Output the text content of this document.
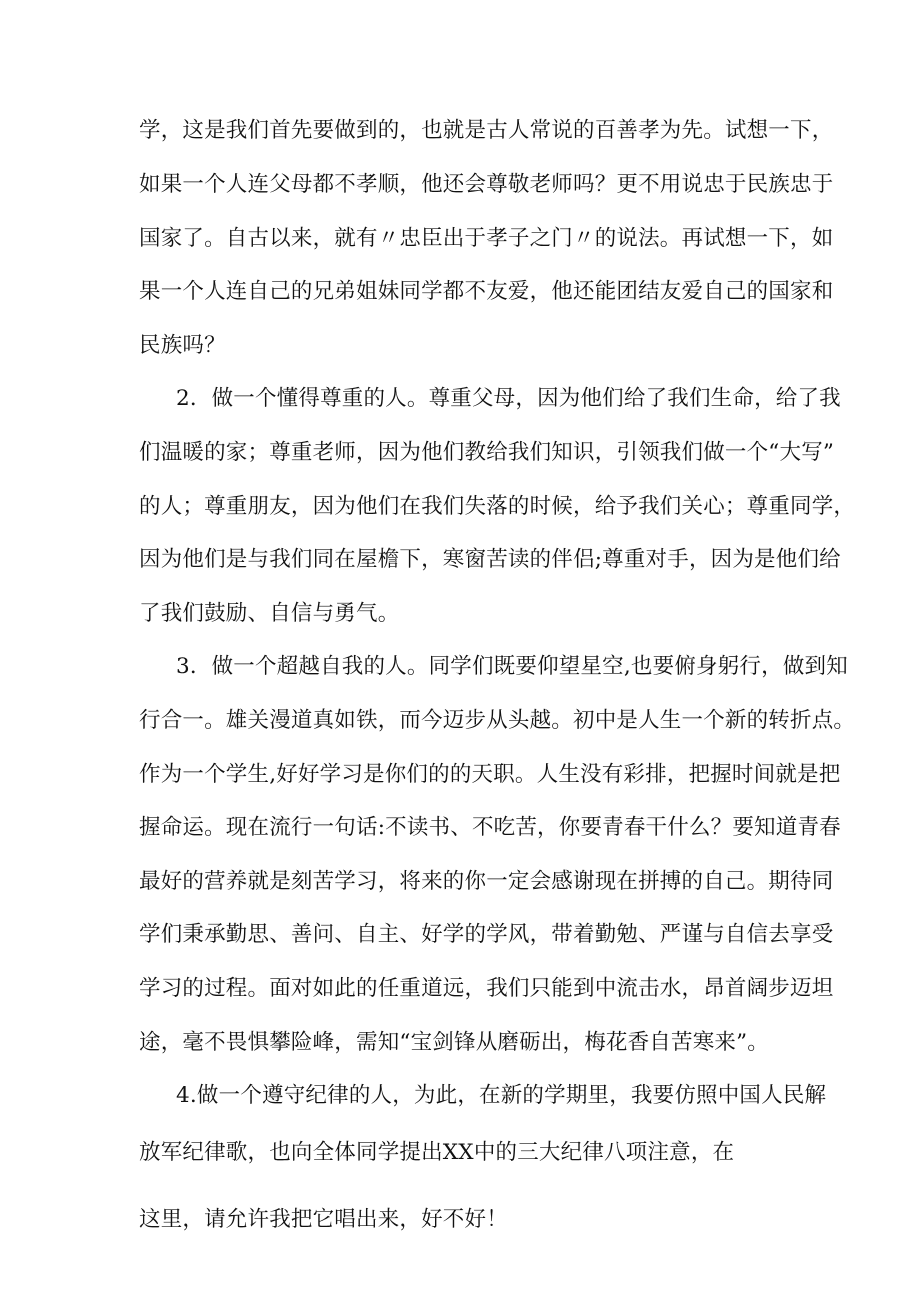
学，这是我们首先要做到的，也就是古人常说的百善孝为先。试想一下，
如果一个人连父母都不孝顺，他还会尊敬老师吗？更不用说忠于民族忠于
国家了。自古以来，就有〃忠臣出于孝子之门〃的说法。再试想一下，如
果一个人连自己的兄弟姐妹同学都不友爱，他还能团结友爱自己的国家和
民族吗？
2．做一个懂得尊重的人。尊重父母，因为他们给了我们生命，给了我
们温暖的家；尊重老师，因为他们教给我们知识，引领我们做一个“大写”
的人；尊重朋友，因为他们在我们失落的时候，给予我们关心；尊重同学，
因为他们是与我们同在屋檐下，寒窗苦读的伴侣;尊重对手，因为是他们给
了我们鼓励、自信与勇气。
3．做一个超越自我的人。同学们既要仰望星空,也要俯身躬行，做到知
行合一。雄关漫道真如铁，而今迈步从头越。初中是人生一个新的转折点。
作为一个学生,好好学习是你们的的天职。人生没有彩排，把握时间就是把
握命运。现在流行一句话:不读书、不吃苦，你要青春干什么？要知道青春
最好的营养就是刻苦学习，将来的你一定会感谢现在拼搏的自己。期待同
学们秉承勤思、善问、自主、好学的学风，带着勤勉、严谨与自信去享受
学习的过程。面对如此的任重道远，我们只能到中流击水，昂首阔步迈坦
途，毫不畏惧攀险峰，需知“宝剑锋从磨砺出，梅花香自苦寒来”。
4.做一个遵守纪律的人，为此，在新的学期里，我要仿照中国人民解
放军纪律歌，也向全体同学提出XX中的三大纪律八项注意，在
这里，请允许我把它唱出来，好不好！
